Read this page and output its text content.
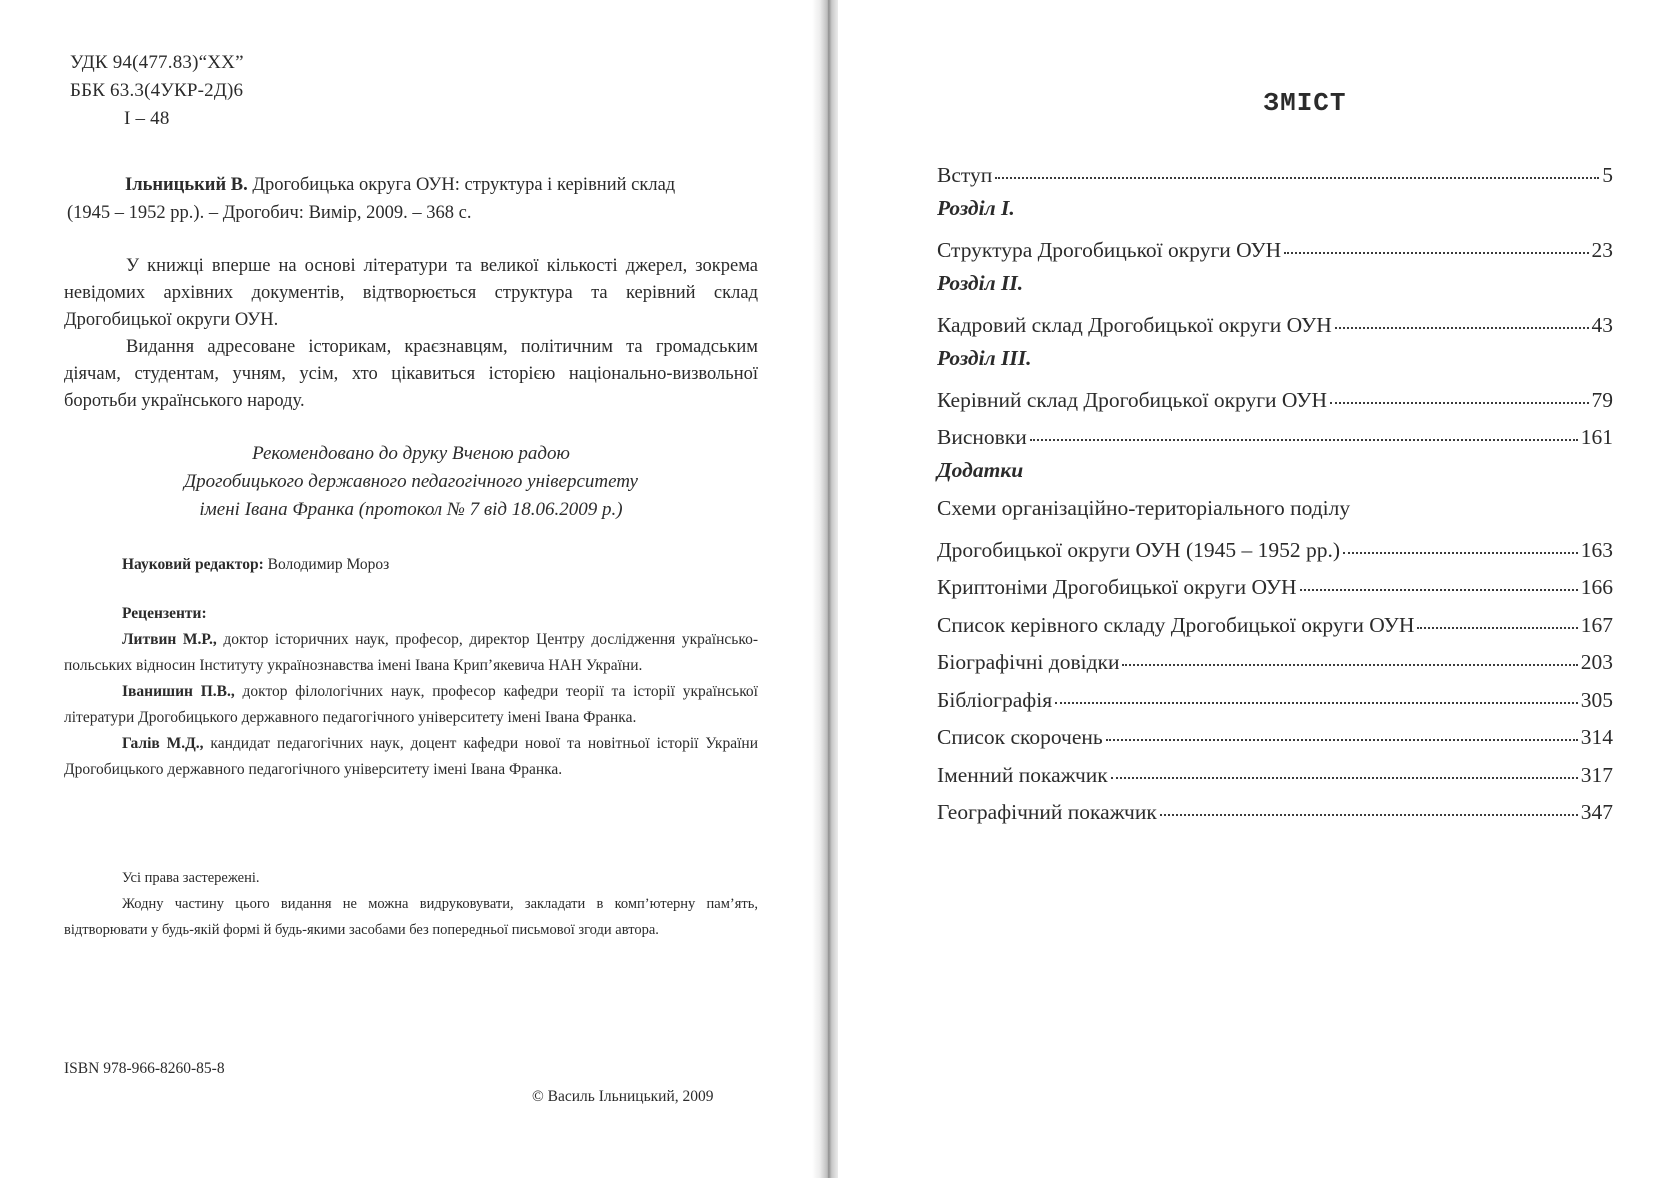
УДК 94(477.83)“XX”
ББК 63.3(4УКР-2Д)6
І – 48

Ільницький В. Дрогобицька округа ОУН: структура і керівний склад
(1945 – 1952 рр.). – Дрогобич: Вимір, 2009. – 368 с.

У книжці вперше на основі літератури та великої кількості джерел, зокрема невідомих архівних документів, відтворюється структура та керівний склад Дрогобицької округи ОУН.

Видання адресоване історикам, краєзнавцям, політичним та громадським діячам, студентам, учням, усім, хто цікавиться історією національно-визвольної боротьби українського народу.

Рекомендовано до друку Вченою радою
Дрогобицького державного педагогічного університету
імені Івана Франка (протокол № 7 від 18.06.2009 р.)
Науковий редактор: Володимир Мороз
Рецензенти:

Литвин М.Р., доктор історичних наук, професор, директор Центру дослідження українсько-польських відносин Інституту українознавства імені Івана Крип’якевича НАН України.

Іванишин П.В., доктор філологічних наук, професор кафедри теорії та історії української літератури Дрогобицького державного педагогічного університету імені Івана Франка.

Галів М.Д., кандидат педагогічних наук, доцент кафедри нової та новітньої історії України Дрогобицького державного педагогічного університету імені Івана Франка.

Усі права застережені.

Жодну частину цього видання не можна видруковувати, закладати в комп’ютерну пам’ять, відтворювати у будь-якій формі й будь-якими засобами без попередньої письмової згоди автора.

ISBN 978-966-8260-85-8
© Василь Ільницький, 2009
ЗМІСТ
Вступ	5
Розділ І.
Структура Дрогобицької округи ОУН	23
Розділ ІІ.
Кадровий склад Дрогобицької округи ОУН	43
Розділ ІІІ.
Керівний склад Дрогобицької округи ОУН	79
Висновки	161
Додатки
Схеми організаційно-територіального поділу
Дрогобицької округи ОУН (1945 – 1952 рр.)	163
Криптоніми Дрогобицької округи ОУН	166
Список керівного складу Дрогобицької округи ОУН	167
Біографічні довідки	203
Бібліографія	305
Список скорочень	314
Іменний покажчик	317
Географічний покажчик	347
